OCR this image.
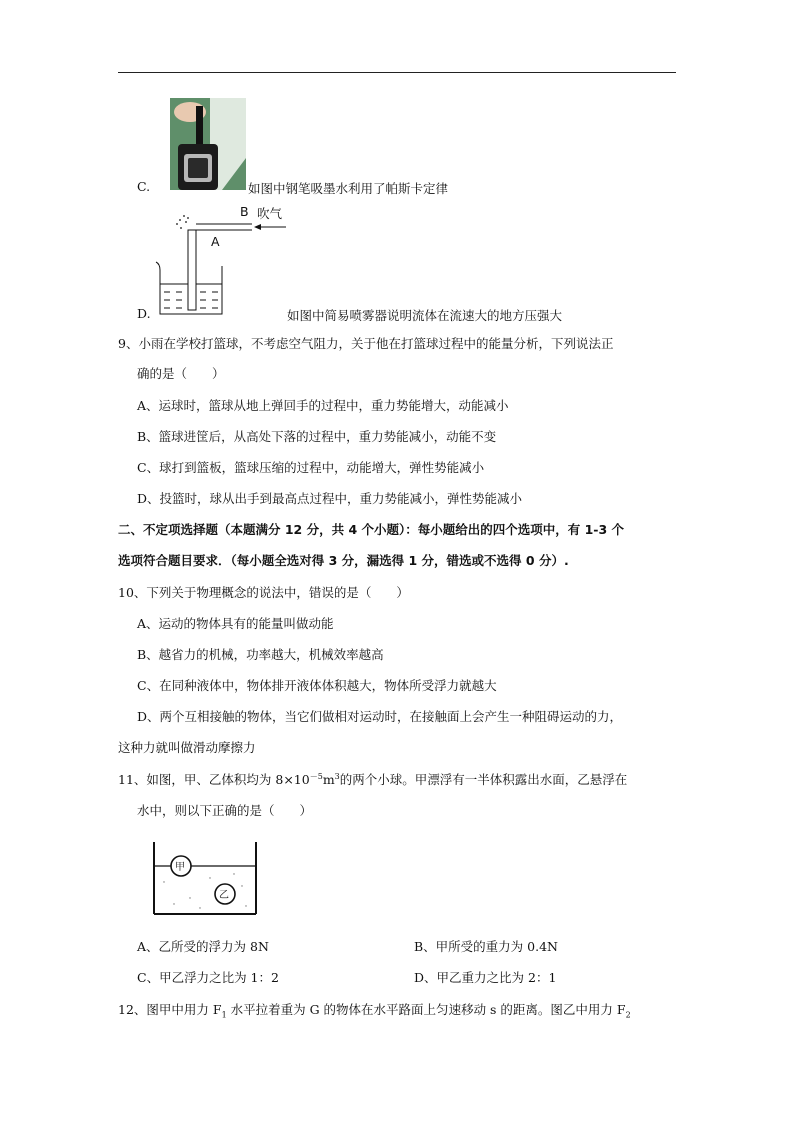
C.	如图中钢笔吸墨水利用了帕斯卡定律
B 吹气
A
D.	如图中简易喷雾器说明流体在流速大的地方压强大
9、小雨在学校打篮球，不考虑空气阻力，关于他在打篮球过程中的能量分析，下列说法正
确的是（　　）
A、运球时，篮球从地上弹回手的过程中，重力势能增大，动能减小
B、篮球进筐后，从高处下落的过程中，重力势能减小，动能不变
C、球打到篮板，篮球压缩的过程中，动能增大，弹性势能减小
D、投篮时，球从出手到最高点过程中，重力势能减小，弹性势能减小
二、不定项选择题（本题满分 12 分，共 4 个小题）：每小题给出的四个选项中，有 1-3 个
选项符合题目要求．（每小题全选对得 3 分，漏选得 1 分，错选或不选得 0 分）.
10、下列关于物理概念的说法中，错误的是（　　）
A、运动的物体具有的能量叫做动能
B、越省力的机械，功率越大，机械效率越高
C、在同种液体中，物体排开液体体积越大，物体所受浮力就越大
D、两个互相接触的物体，当它们做相对运动时，在接触面上会产生一种阻碍运动的力，
这种力就叫做滑动摩擦力
11、如图，甲、乙体积均为 $8\times 10^{-5}m^3$的两个小球。甲漂浮有一半体积露出水面，乙悬浮在
水中，则以下正确的是（　　）
甲
乙
A、乙所受的浮力为 8N	B、甲所受的重力为 0.4N
C、甲乙浮力之比为 1：2	D、甲乙重力之比为 2：1
12、图甲中用力 $F_1$ 水平拉着重为 G 的物体在水平路面上匀速移动 s 的距离。图乙中用力 $F_2$
